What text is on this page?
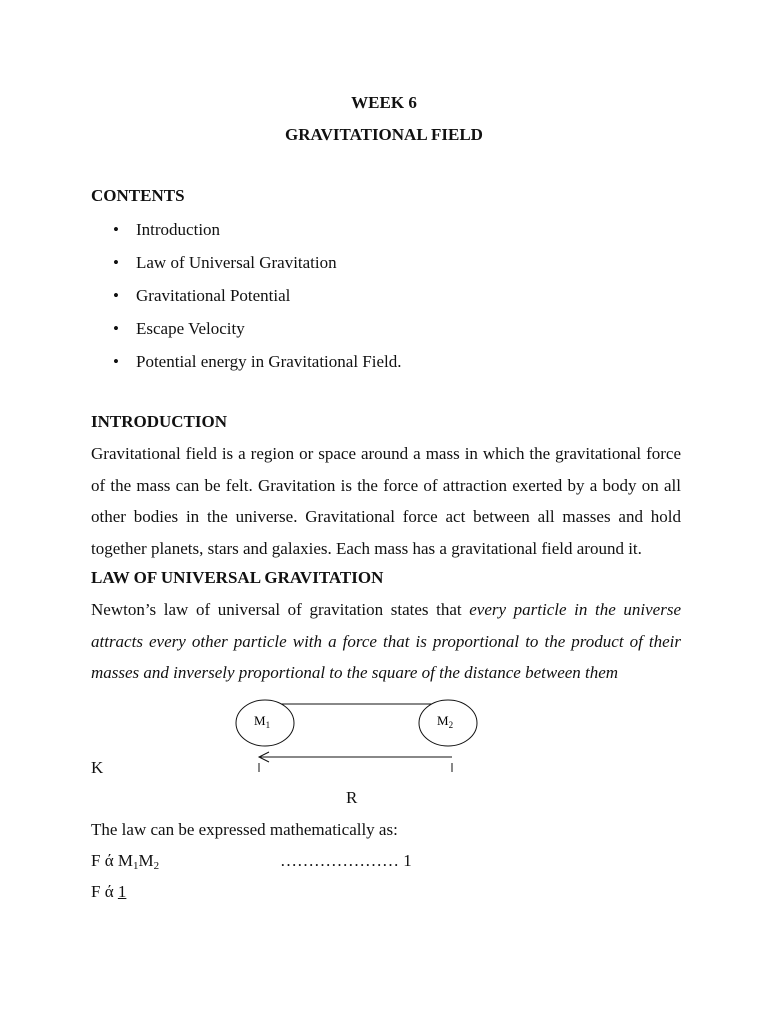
WEEK 6
GRAVITATIONAL FIELD
CONTENTS
• Introduction
• Law of Universal Gravitation
• Gravitational Potential
• Escape Velocity
• Potential energy in Gravitational Field.
INTRODUCTION
Gravitational field is a region or space around a mass in which the gravitational force
of the mass can be felt. Gravitation is the force of attraction exerted by a body on all
other bodies in the universe. Gravitational force act between all masses and hold
together planets, stars and galaxies. Each mass has a gravitational field around it.
LAW OF UNIVERSAL GRAVITATION
Newton’s law of universal of gravitation states that every particle in the universe
attracts every other particle with a force that is proportional to the product of their
masses and inversely proportional to the square of the distance between them
$M_1$	$M_2$
K
R
The law can be expressed mathematically as:
F ά $M_1M_2$	………………… 1
F ά 1
